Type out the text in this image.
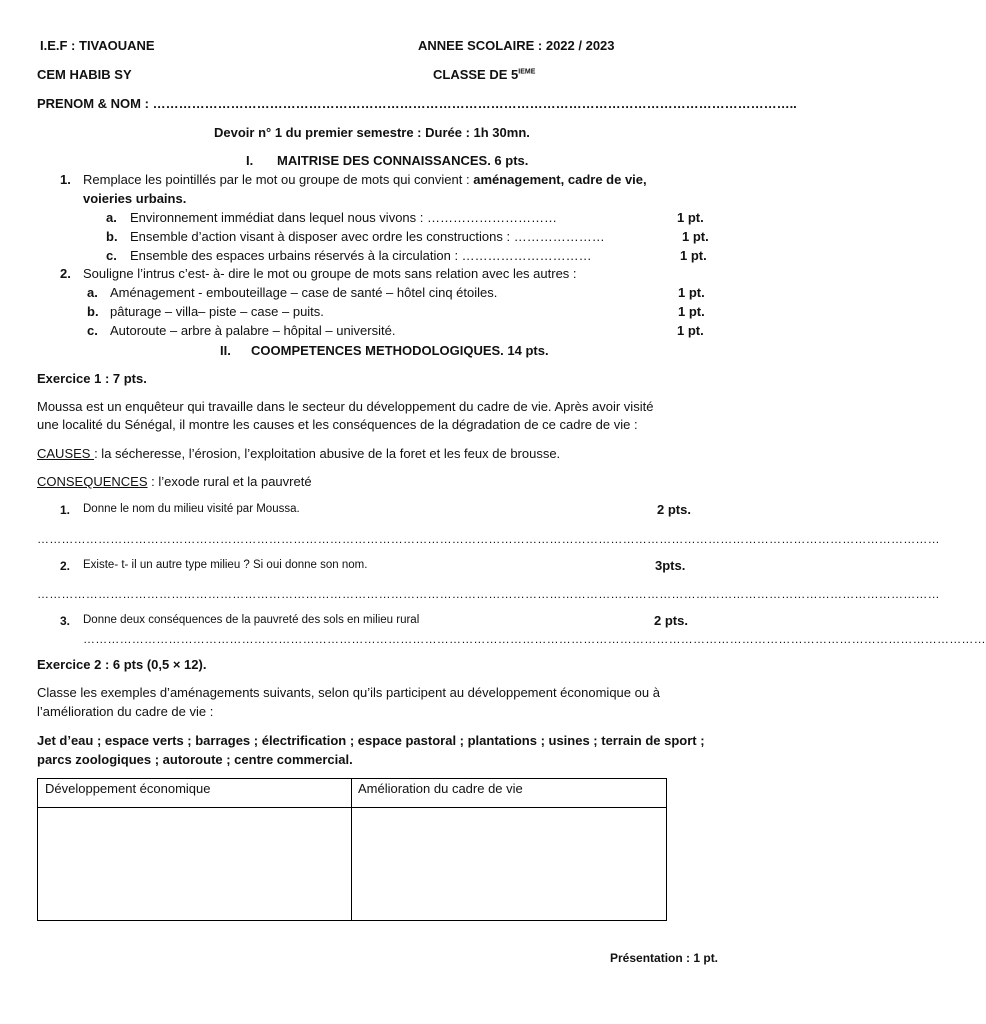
I.E.F : TIVAOUANE	ANNEE SCOLAIRE : 2022 / 2023
CEM HABIB SY	CLASSE DE 5IEME
PRENOM & NOM : …………………………………………………………………………………………………………………………………..
Devoir n° 1 du premier semestre : Durée : 1h 30mn.
I. MAITRISE DES CONNAISSANCES. 6 pts.
1. Remplace les pointillés par le mot ou groupe de mots qui convient : aménagement, cadre de vie,
voieries urbains.
a. Environnement immédiat dans lequel nous vivons : …………………………	1 pt.
b. Ensemble d’action visant à disposer avec ordre les constructions : …………………	1 pt.
c. Ensemble des espaces urbains réservés à la circulation : …………………………	1 pt.
2. Souligne l’intrus c’est- à- dire le mot ou groupe de mots sans relation avec les autres :
a. Aménagement - embouteillage – case de santé – hôtel cinq étoiles.	1 pt.
b. pâturage – villa– piste – case – puits.	1 pt.
c. Autoroute – arbre à palabre – hôpital – université.	1 pt.
II. COOMPETENCES METHODOLOGIQUES. 14 pts.
Exercice 1 : 7 pts.
Moussa est un enquêteur qui travaille dans le secteur du développement du cadre de vie. Après avoir visité
une localité du Sénégal, il montre les causes et les conséquences de la dégradation de ce cadre de vie :
CAUSES : la sécheresse, l’érosion, l’exploitation abusive de la foret et les feux de brousse.
CONSEQUENCES : l’exode rural et la pauvreté
1. Donne le nom du milieu visité par Moussa.	2 pts.
……………………………………………………………………………………………………………………………………………………………………………………………………
2. Existe- t- il un autre type milieu ? Si oui donne son nom.	3pts.
……………………………………………………………………………………………………………………………………………………………………………………………………
3. Donne deux conséquences de la pauvreté des sols en milieu rural	2 pts.
……………………………………………………………………………………………………………………………………………………………………………………………………
Exercice 2 : 6 pts (0,5 × 12).
Classe les exemples d’aménagements suivants, selon qu’ils participent au développement économique ou à
l’amélioration du cadre de vie :
Jet d’eau ; espace verts ; barrages ; électrification ; espace pastoral ; plantations ; usines ; terrain de sport ;
parcs zoologiques ; autoroute ; centre commercial.
Développement économique	Amélioration du cadre de vie
Présentation : 1 pt.
